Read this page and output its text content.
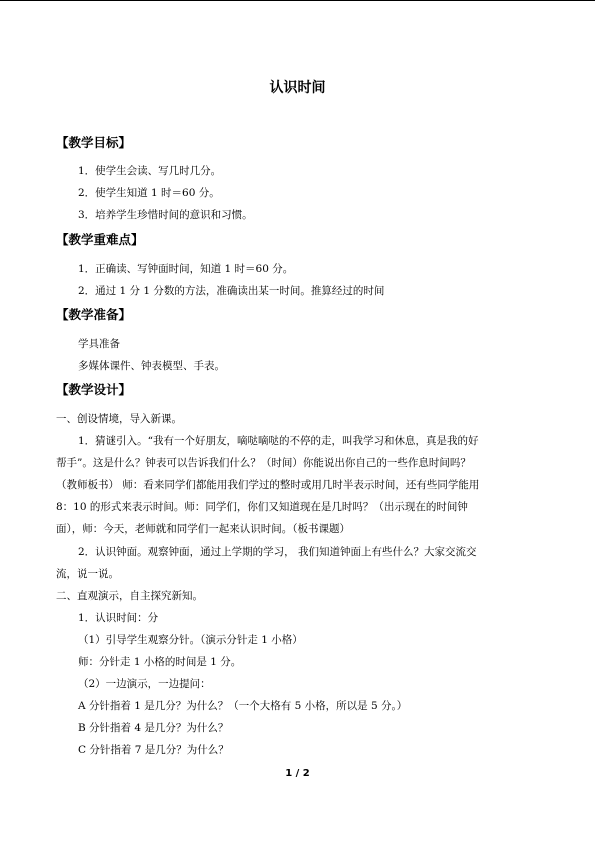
认识时间
【教学目标】
1．使学生会读、写几时几分。
2．使学生知道 1 时＝60 分。
3．培养学生珍惜时间的意识和习惯。
【教学重难点】
1．正确读、写钟面时间，知道 1 时＝60 分。
2．通过 1 分 1 分数的方法，准确读出某一时间。推算经过的时间
【教学准备】
学具准备
多媒体课件、钟表模型、手表。
【教学设计】
一、创设情境，导入新课。
1．猜谜引入。“我有一个好朋友，嘀哒嘀哒的不停的走，叫我学习和休息，真是我的好
帮手”。这是什么？钟表可以告诉我们什么？（时间）你能说出你自己的一些作息时间吗？
（教师板书） 师：看来同学们都能用我们学过的整时或用几时半表示时间，还有些同学能用
8：10 的形式来表示时间。师：同学们，你们又知道现在是几时吗？（出示现在的时间钟
面），师：今天，老师就和同学们一起来认识时间。（板书课题）
2．认识钟面。观察钟面，通过上学期的学习， 我们知道钟面上有些什么？大家交流交
流，说一说。
二、直观演示，自主探究新知。
1．认识时间：分
（1）引导学生观察分针。（演示分针走 1 小格）
师：分针走 1 小格的时间是 1 分。
（2）一边演示，一边提问：
A 分针指着 1 是几分？为什么？（一个大格有 5 小格，所以是 5 分。）
B 分针指着 4 是几分？为什么？
C 分针指着 7 是几分？为什么？
1 / 2
